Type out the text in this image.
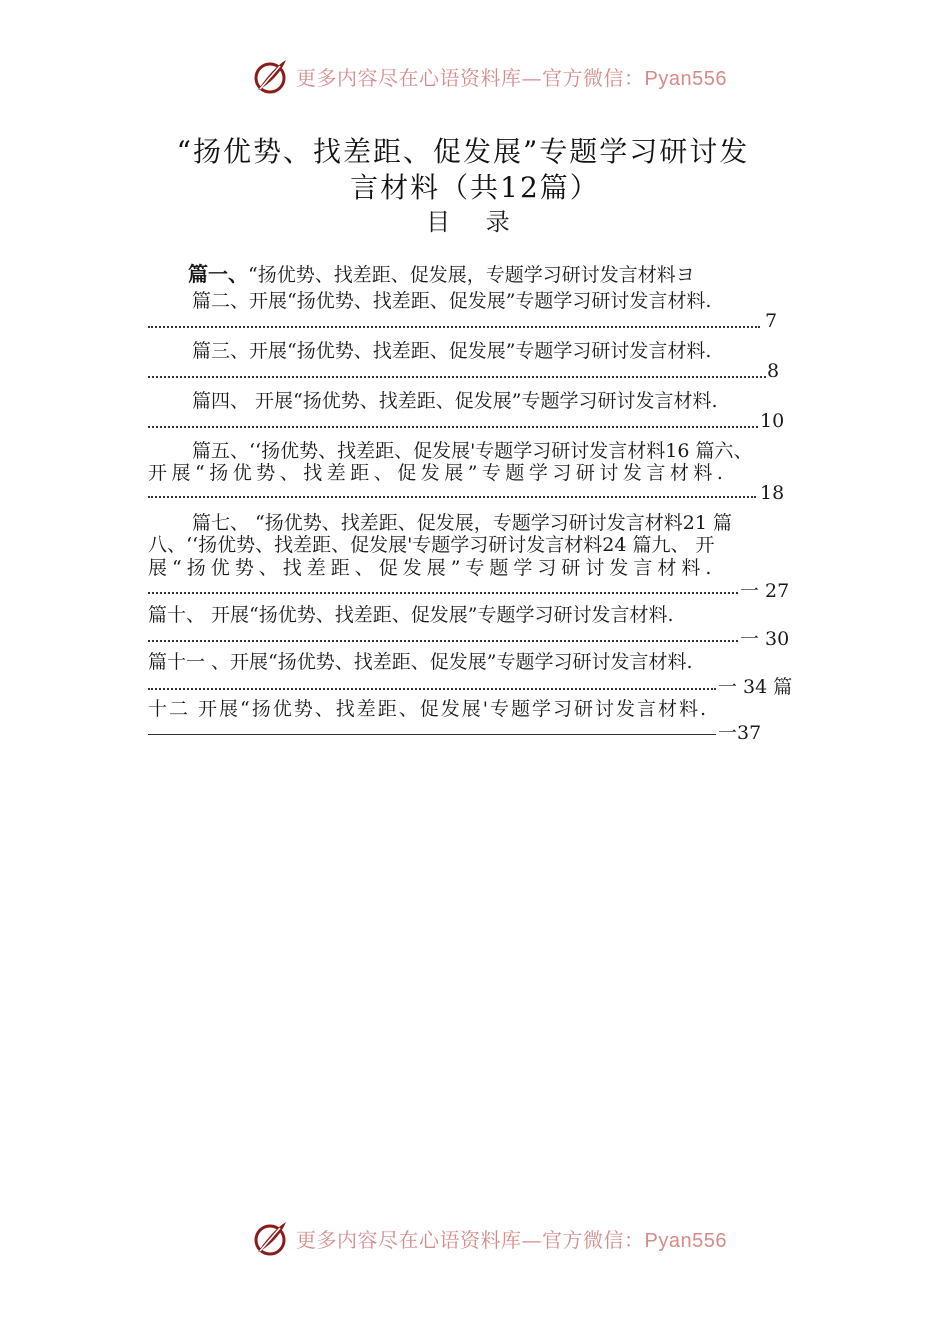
更多内容尽在心语资料库—官方微信：Pyan556
“扬优势、找差距、促发展”专题学习研讨发
言材料（共12篇）
目 录
篇一、“扬优势、找差距、促发展，专题学习研讨发言材料ヨ
篇二、开展“扬优势、找差距、促发展”专题学习研讨发言材料.
7
篇三、开展“扬优势、找差距、促发展”专题学习研讨发言材料.
8
篇四、 开展“扬优势、找差距、促发展”专题学习研讨发言材料.
10
篇五、‘‘扬优势、找差距、促发展'专题学习研讨发言材料16 篇六、
开展“扬优势、找差距、促发展”专题学习研讨发言材料.
18
篇七、 “扬优势、找差距、促发展，专题学习研讨发言材料21 篇
八、‘‘扬优势、找差距、促发展'专题学习研讨发言材料24 篇九、 开
展“扬优势、找差距、促发展”专题学习研讨发言材料.
一 27
篇十、 开展“扬优势、找差距、促发展”专题学习研讨发言材料.
一 30
篇十一 、开展“扬优势、找差距、促发展”专题学习研讨发言材料.
一 34 篇
十二 开展“扬优势、找差距、促发展'专题学习研讨发言材料.
一37
更多内容尽在心语资料库—官方微信：Pyan556
